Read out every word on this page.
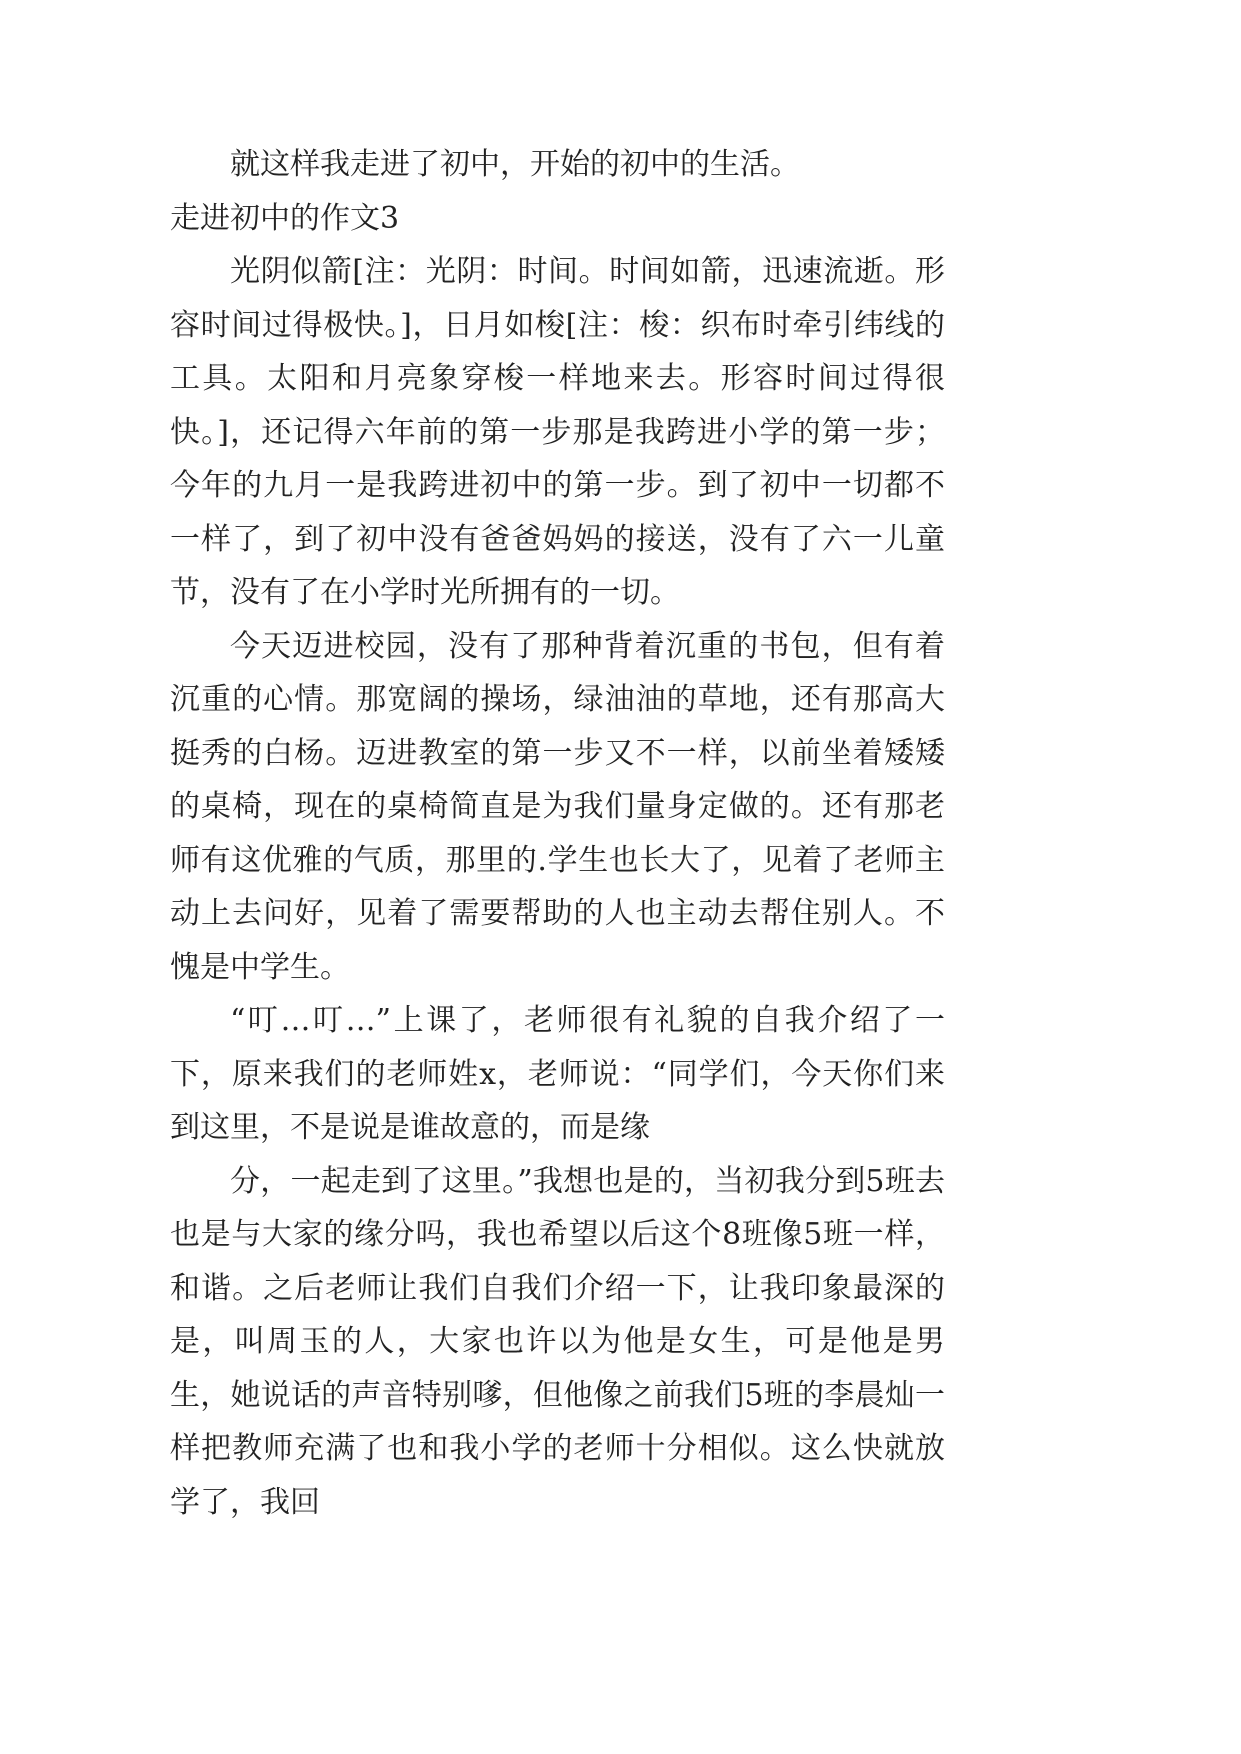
就这样我走进了初中，开始的初中的生活。

走进初中的作文3

光阴似箭[注：光阴：时间。时间如箭，迅速流逝。形容时间过得极快。]，日月如梭[注：梭：织布时牵引纬线的工具。太阳和月亮象穿梭一样地来去。形容时间过得很快。]，还记得六年前的第一步那是我跨进小学的第一步；今年的九月一是我跨进初中的第一步。到了初中一切都不一样了，到了初中没有爸爸妈妈的接送，没有了六一儿童节，没有了在小学时光所拥有的一切。

今天迈进校园，没有了那种背着沉重的书包，但有着沉重的心情。那宽阔的操场，绿油油的草地，还有那高大挺秀的白杨。迈进教室的第一步又不一样，以前坐着矮矮的桌椅，现在的桌椅简直是为我们量身定做的。还有那老师有这优雅的气质，那里的.学生也长大了，见着了老师主动上去问好，见着了需要帮助的人也主动去帮住别人。不愧是中学生。

“叮…叮…”上课了，老师很有礼貌的自我介绍了一下，原来我们的老师姓x，老师说：“同学们，今天你们来到这里，不是说是谁故意的，而是缘

分，一起走到了这里。”我想也是的，当初我分到5班去也是与大家的缘分吗，我也希望以后这个8班像5班一样，和谐。之后老师让我们自我们介绍一下，让我印象最深的是，叫周玉的人，大家也许以为他是女生，可是他是男生，她说话的声音特别嗲，但他像之前我们5班的李晨灿一样把教师充满了也和我小学的老师十分相似。这么快就放学了，我回
